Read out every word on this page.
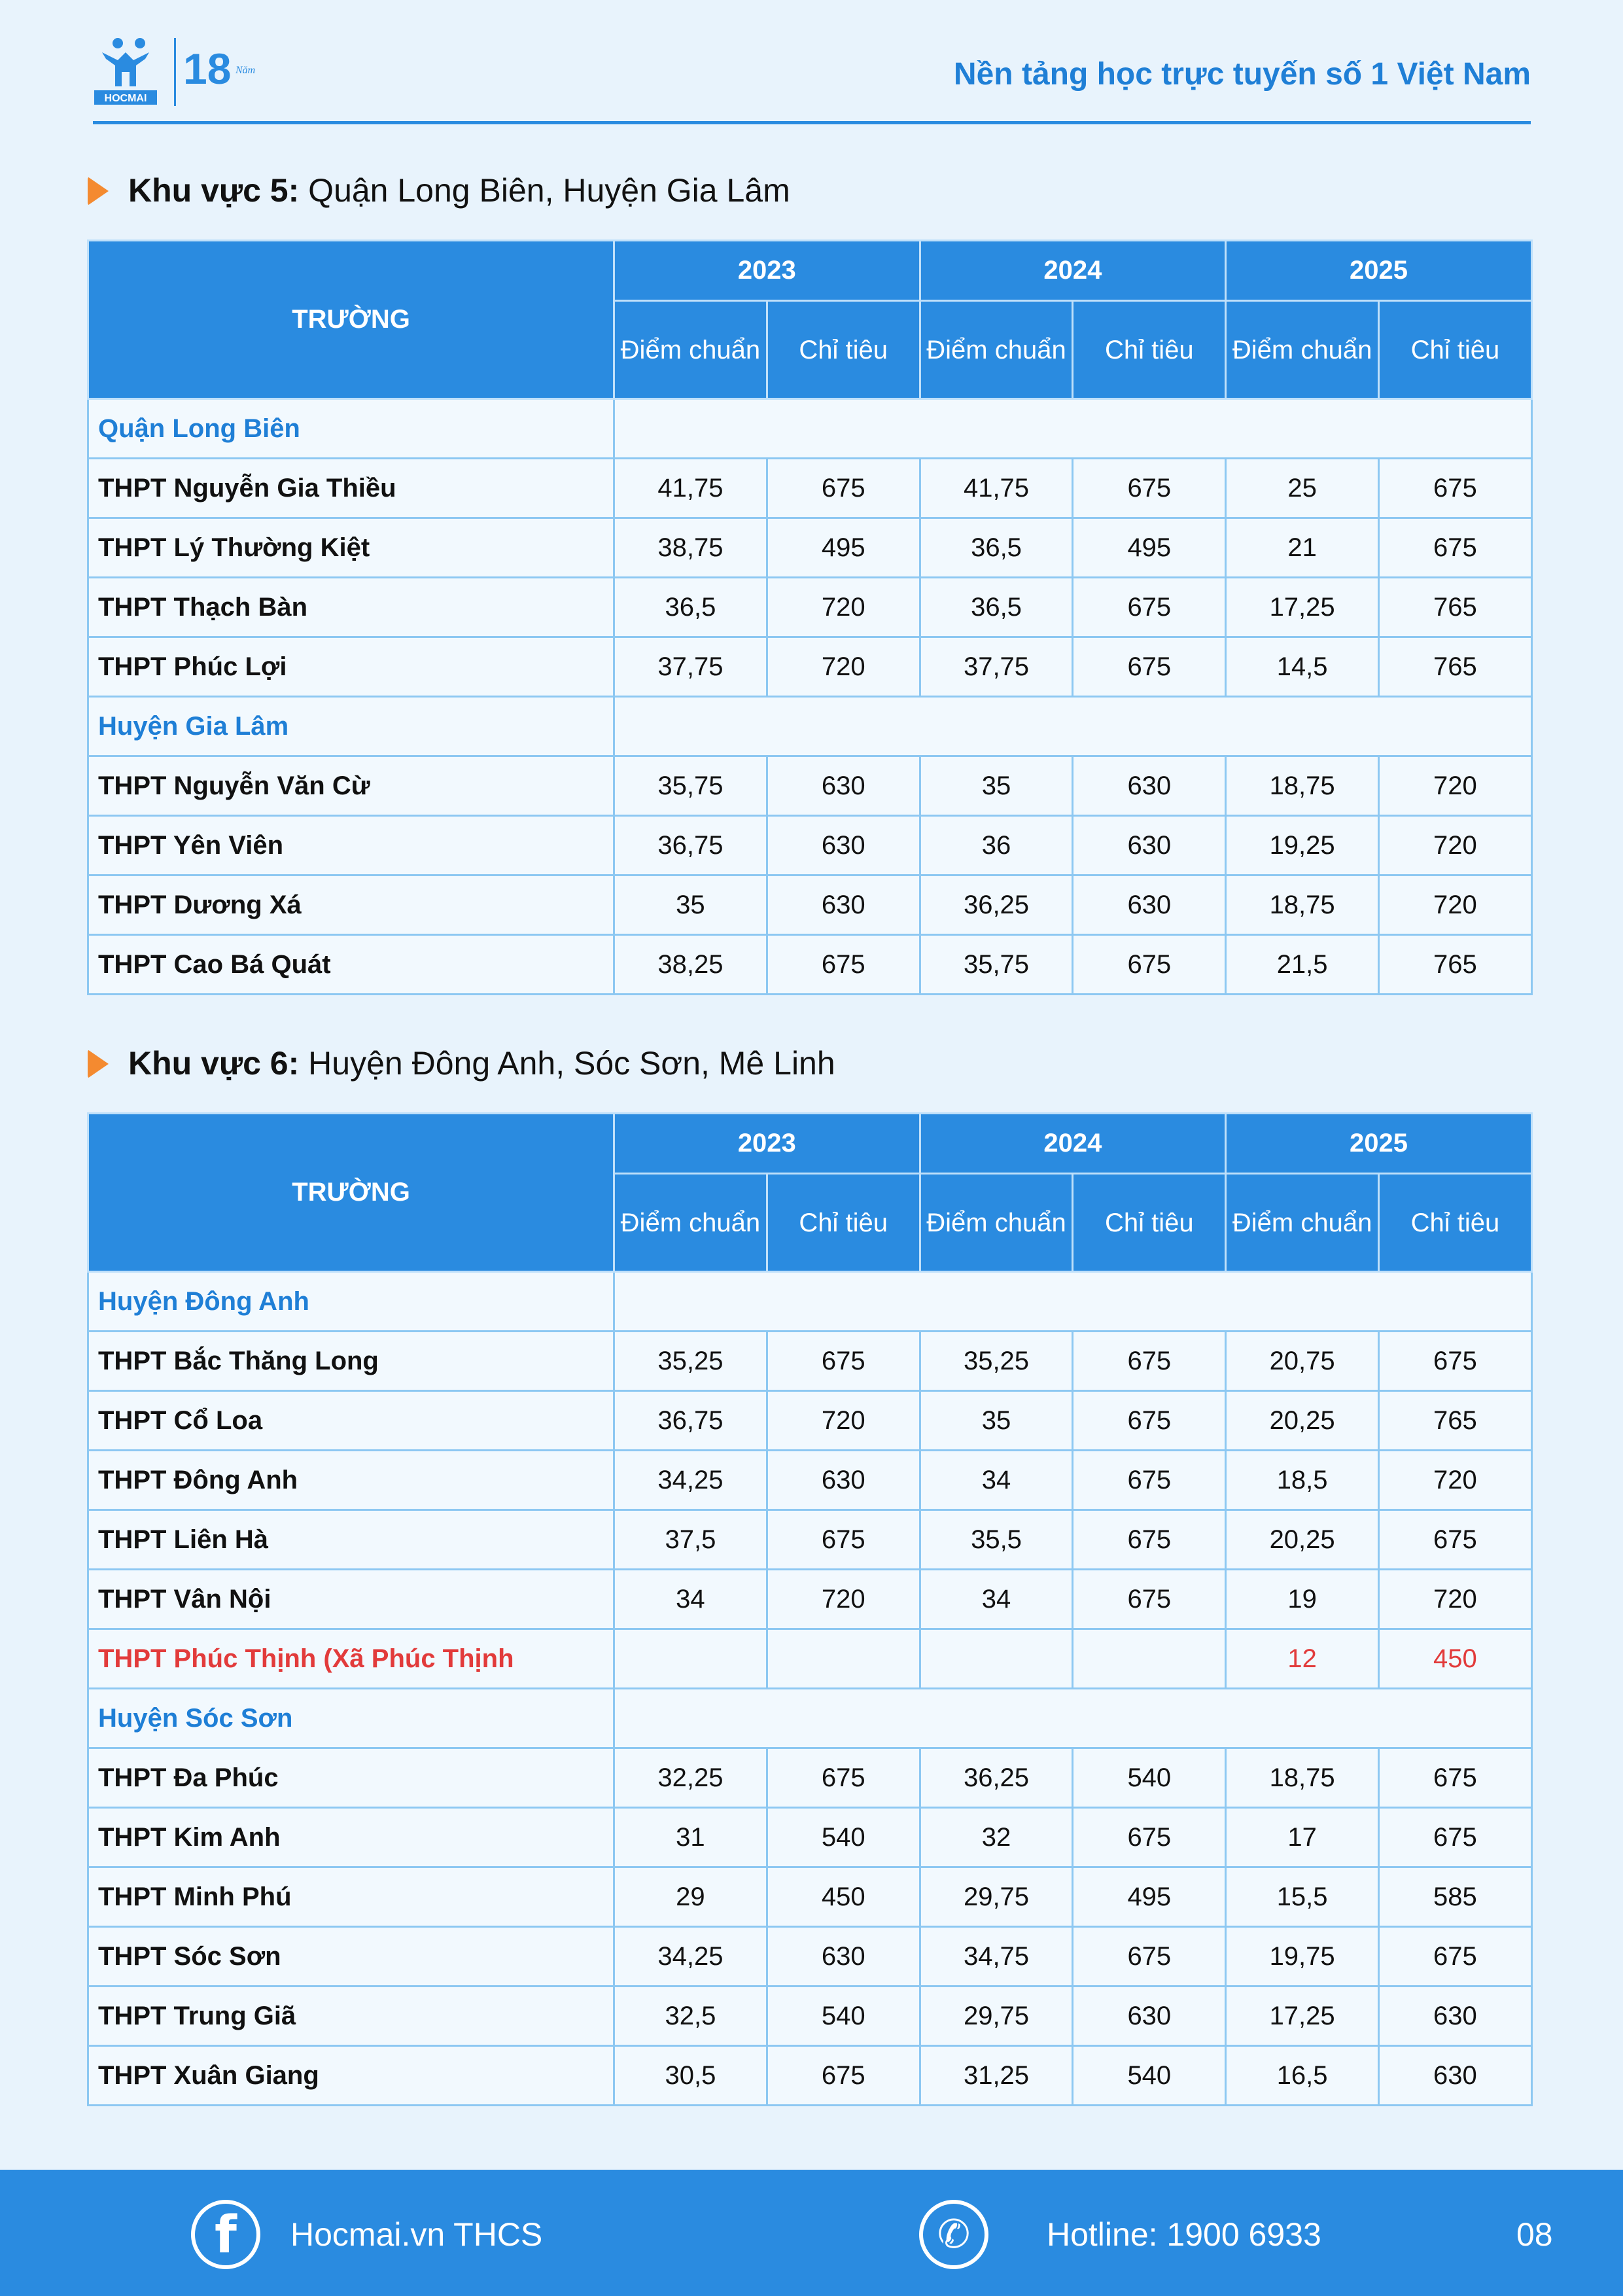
HOCMAI
18 Năm	Nền tảng học trực tuyến số 1 Việt Nam
Khu vực 5: Quận Long Biên, Huyện Gia Lâm
TRƯỜNG	2023		2024		2025	
	Điểm chuẩn	Chỉ tiêu	Điểm chuẩn	Chỉ tiêu	Điểm chuẩn	Chỉ tiêu
Quận Long Biên						
THPT Nguyễn Gia Thiều	41,75	675	41,75	675	25	675
THPT Lý Thường Kiệt	38,75	495	36,5	495	21	675
THPT Thạch Bàn	36,5	720	36,5	675	17,25	765
THPT Phúc Lợi	37,75	720	37,75	675	14,5	765
Huyện Gia Lâm						
THPT Nguyễn Văn Cừ	35,75	630	35	630	18,75	720
THPT Yên Viên	36,75	630	36	630	19,25	720
THPT Dương Xá	35	630	36,25	630	18,75	720
THPT Cao Bá Quát	38,25	675	35,75	675	21,5	765
Khu vực 6: Huyện Đông Anh, Sóc Sơn, Mê Linh
TRƯỜNG	2023		2024		2025	
	Điểm chuẩn	Chỉ tiêu	Điểm chuẩn	Chỉ tiêu	Điểm chuẩn	Chỉ tiêu
Huyện Đông Anh						
THPT Bắc Thăng Long	35,25	675	35,25	675	20,75	675
THPT Cổ Loa	36,75	720	35	675	20,25	765
THPT Đông Anh	34,25	630	34	675	18,5	720
THPT Liên Hà	37,5	675	35,5	675	20,25	675
THPT Vân Nội	34	720	34	675	19	720
THPT Phúc Thịnh (Xã Phúc Thịnh					12	450
Huyện Sóc Sơn						
THPT Đa Phúc	32,25	675	36,25	540	18,75	675
THPT Kim Anh	31	540	32	675	17	675
THPT Minh Phú	29	450	29,75	495	15,5	585
THPT Sóc Sơn	34,25	630	34,75	675	19,75	675
THPT Trung Giã	32,5	540	29,75	630	17,25	630
THPT Xuân Giang	30,5	675	31,25	540	16,5	630
f	Hocmai.vn THCS	✆	Hotline: 1900 6933	08
